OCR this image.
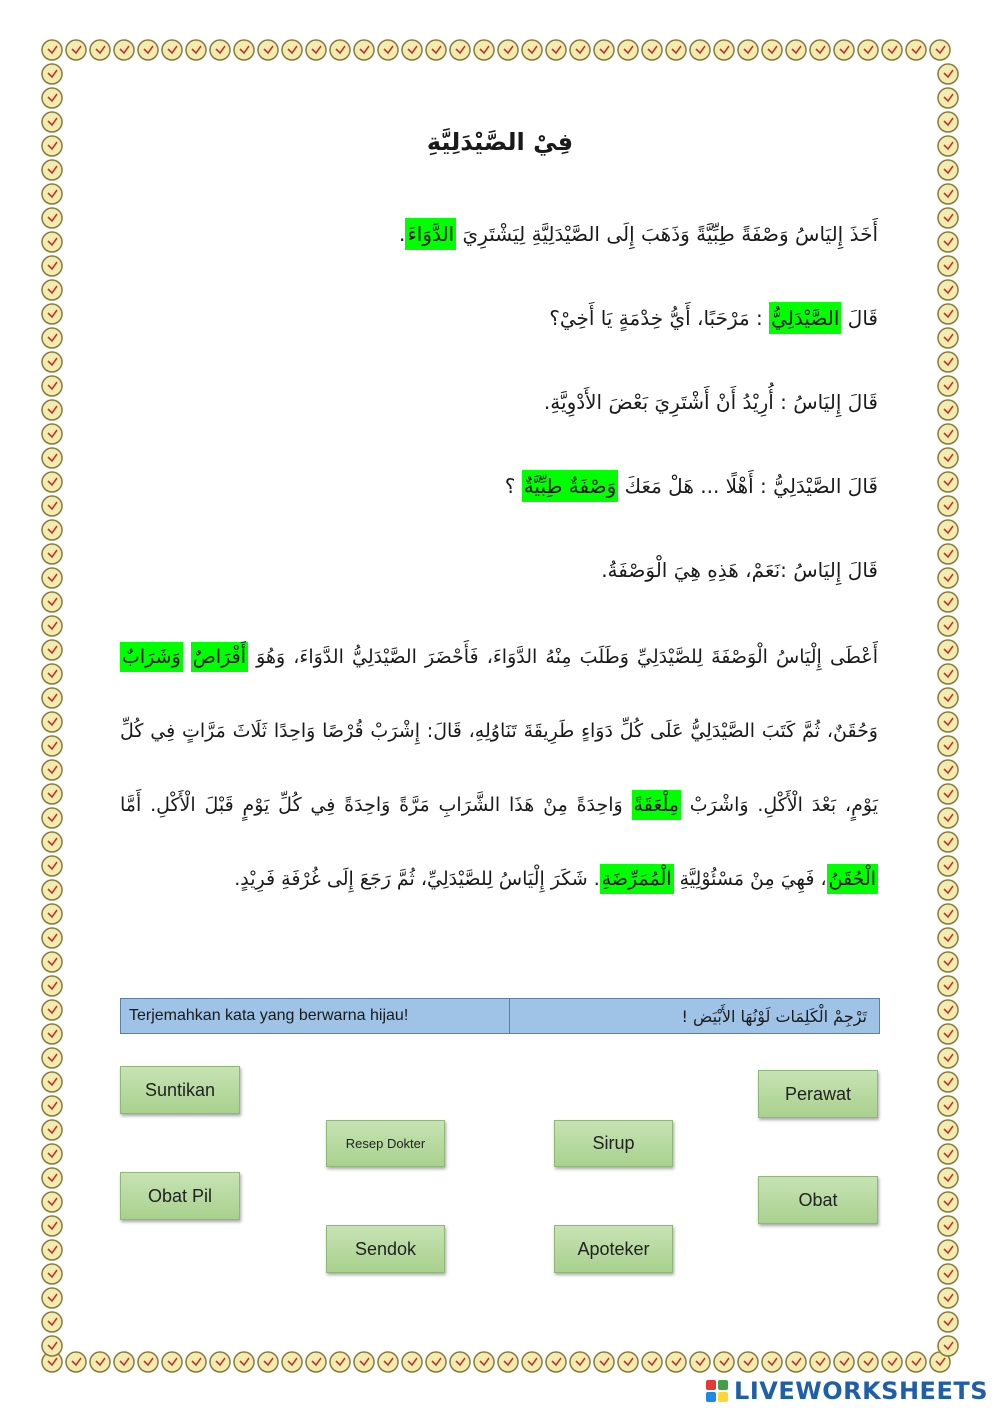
فِيْ الصَّيْدَلِيَّةِ
أَخَذَ إِليَاسُ وَصْفَةً طِبِّيَّةً وَذَهَبَ إِلَى الصَّيْدَلِيَّةِ لِيَشْتَرِيَ الدَّوَاءَ.
قَالَ الصَّيْدَلِيُّ : مَرْحَبًا، أَيُّ خِدْمَةٍ يَا أَخِيْ؟
قَالَ إِليَاسُ : أُرِيْدُ أَنْ أَشْتَرِيَ بَعْضَ الأَدْوِيَّةِ.
قَالَ الصَّيْدَلِيُّ : أَهْلًا ... هَلْ مَعَكَ وَصْفَةٌ طِبِّيَّةٌ ؟
قَالَ إِليَاسُ :نَعَمْ، هَذِهِ هِيَ الْوَصْفَةُ.
أَعْطَى إِلْيَاسُ الْوَصْفَةَ لِلصَّيْدَلِيِّ وَطَلَبَ مِنْهُ الدَّوَاءَ، فَأَحْضَرَ الصَّيْدَلِيُّ الدَّوَاءَ، وَهُوَ أَقْرَاصٌ وَشَرَابٌ وَحُقَنٌ، ثُمَّ كَتَبَ الصَّيْدَلِيُّ عَلَى كُلِّ دَوَاءٍ طَرِيقَةَ تَنَاوُلِهِ، قَالَ: إِشْرَبْ قُرْصًا وَاحِدًا ثَلَاثَ مَرَّاتٍ فِي كُلِّ يَوْمٍ، بَعْدَ الْأَكْلِ. وَاشْرَبْ مِلْعَقَةً وَاحِدَةً مِنْ هَذَا الشَّرَابِ مَرَّةً وَاحِدَةً فِي كُلِّ يَوْمٍ قَبْلَ الْأَكْلِ. أَمَّا الْحُقَنُ، فَهِيَ مِنْ مَسْئُوْلِيَّةِ الْمُمَرِّضَةِ. شَكَرَ إِلْيَاسُ لِلصَّيْدَلِيِّ، ثُمَّ رَجَعَ إِلَى غُرْفَةِ فَرِيْدٍ.
Terjemahkan kata yang berwarna hijau!	تَرْجِمْ الْكَلِمَات لَوْنُهَا الأَبْيَض !
Suntikan	Perawat
Resep Dokter	Sirup
Obat Pil	Obat
Sendok	Apoteker
LIVEWORKSHEETS
